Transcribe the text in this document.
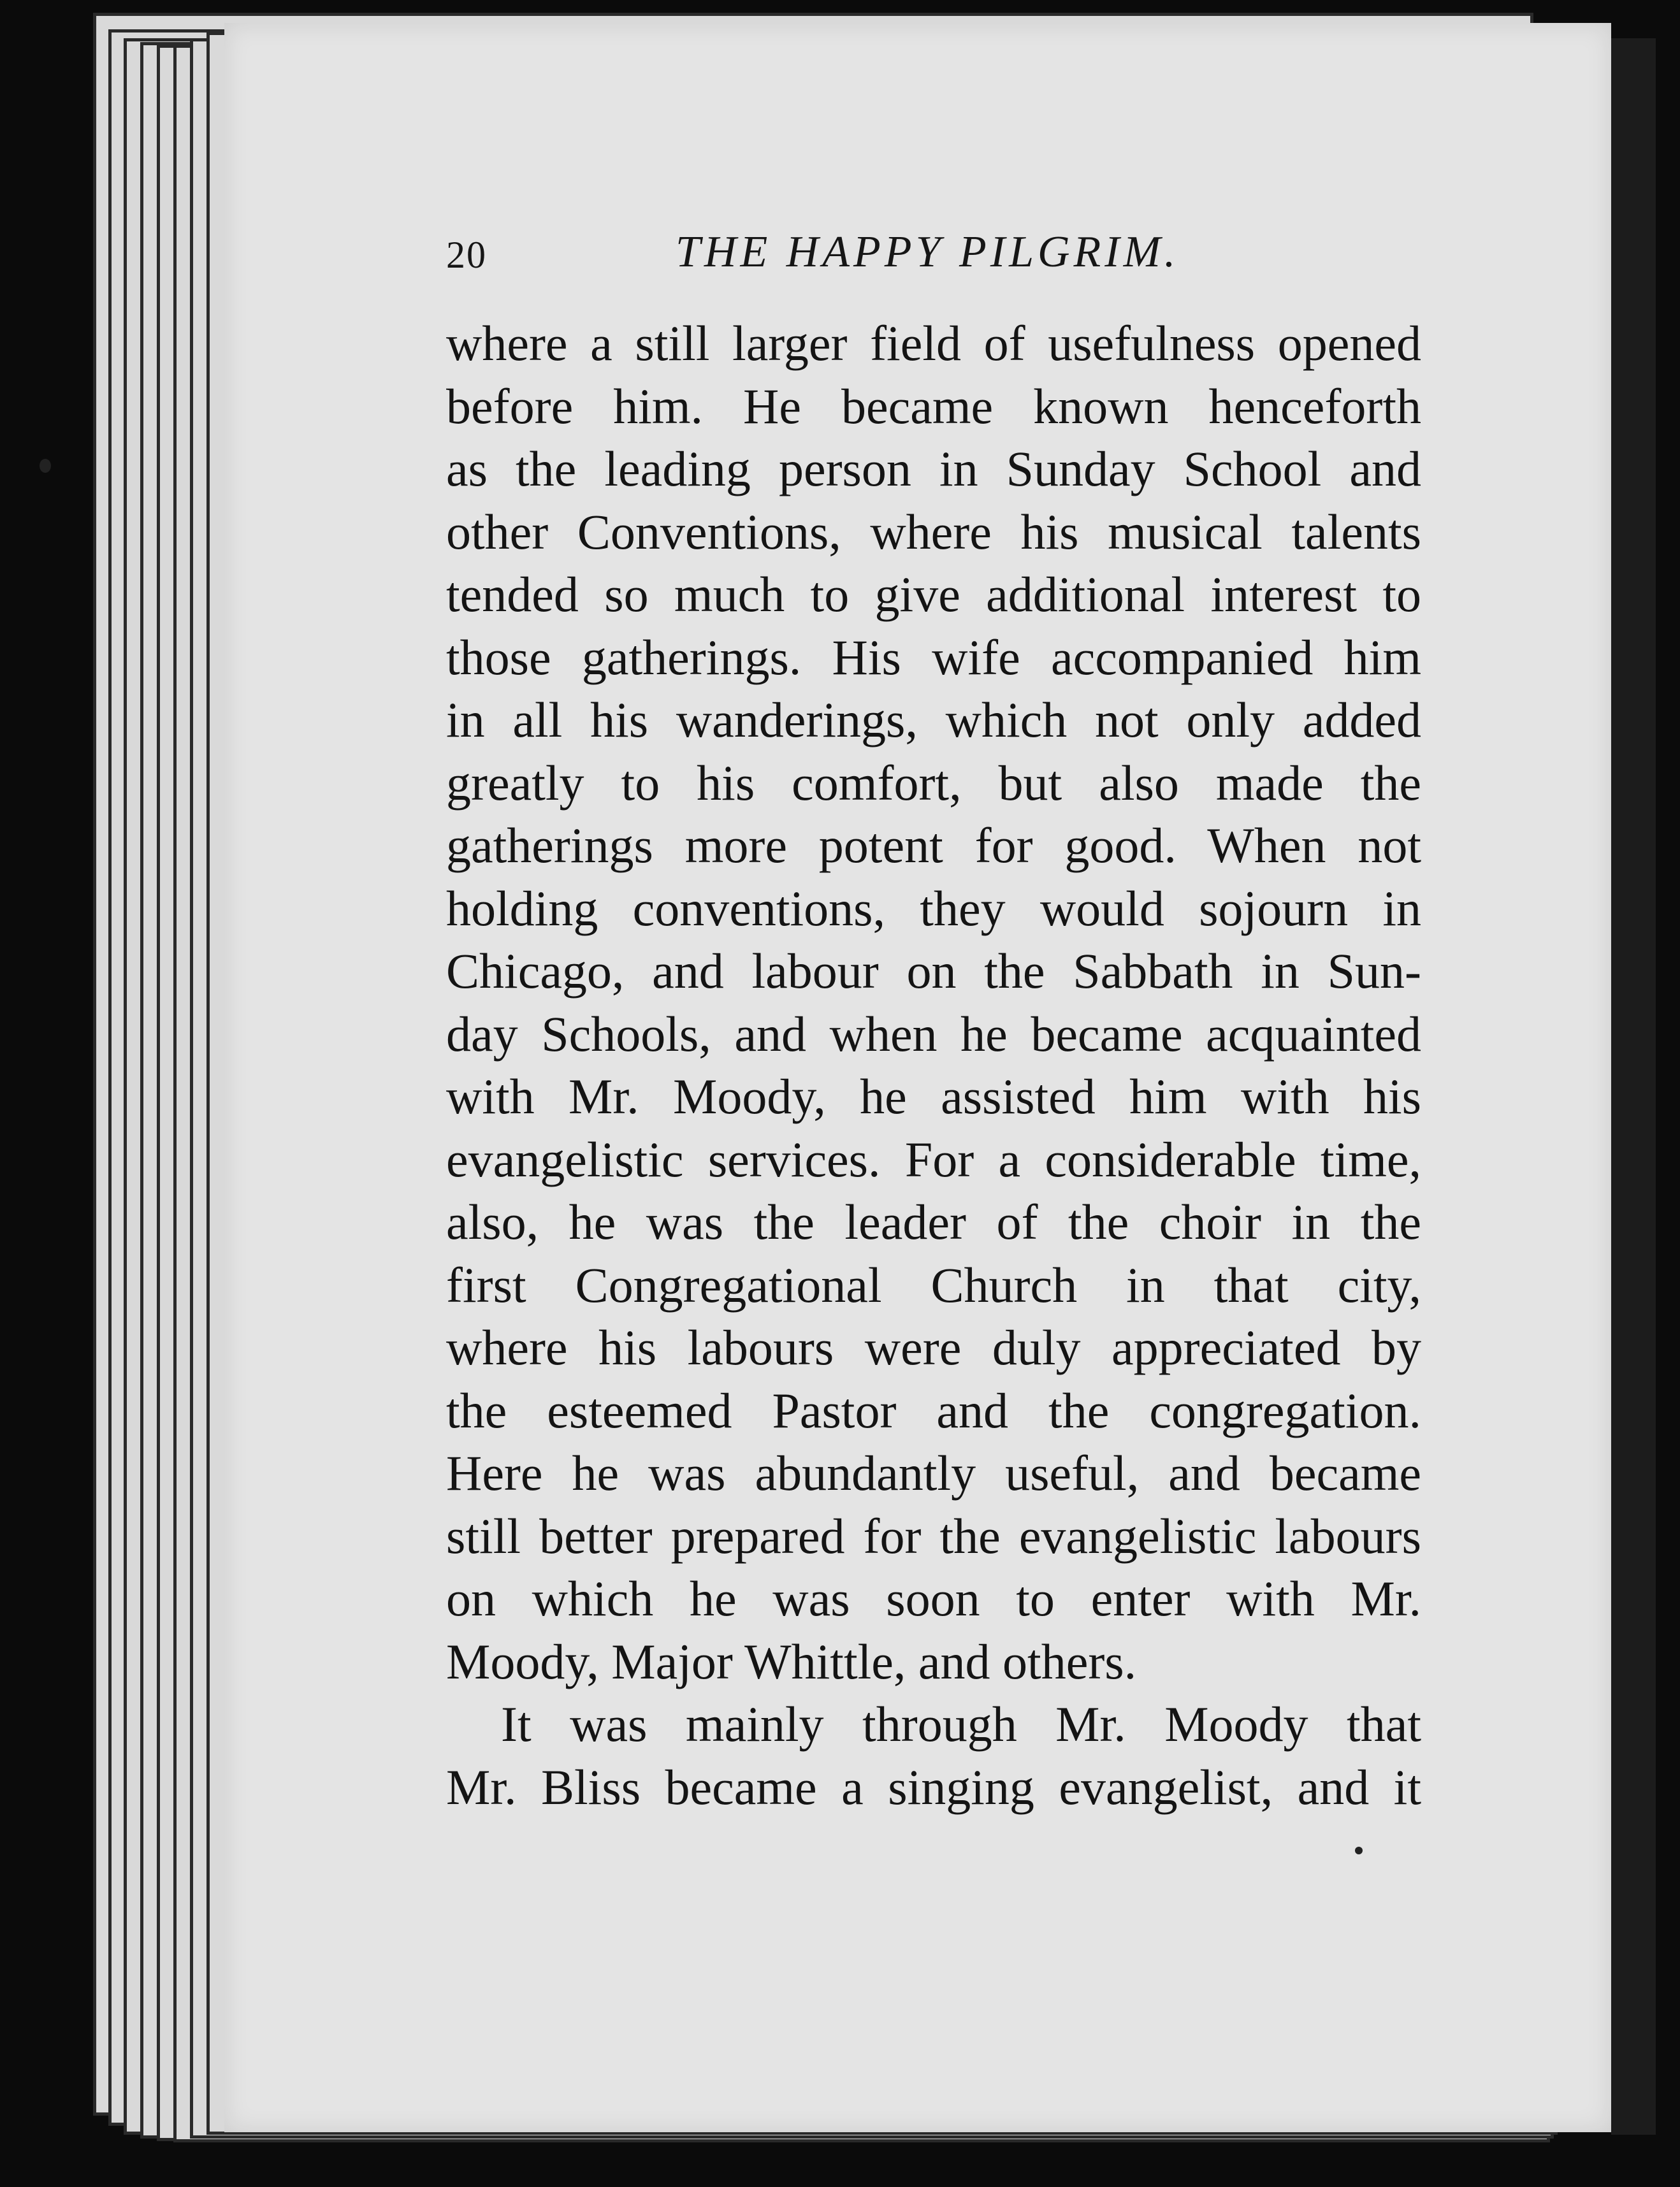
20	THE HAPPY PILGRIM.
where a still larger field of usefulness opened
before him. He became known henceforth
as the leading person in Sunday School and
other Conventions, where his musical talents
tended so much to give additional interest to
those gatherings. His wife accompanied him
in all his wanderings, which not only added
greatly to his comfort, but also made the
gatherings more potent for good. When not
holding conventions, they would sojourn in
Chicago, and labour on the Sabbath in Sun-
day Schools, and when he became acquainted
with Mr. Moody, he assisted him with his
evangelistic services. For a considerable time,
also, he was the leader of the choir in the
first Congregational Church in that city,
where his labours were duly appreciated by
the esteemed Pastor and the congregation.
Here he was abundantly useful, and became
still better prepared for the evangelistic labours
on which he was soon to enter with Mr.
Moody, Major Whittle, and others.
It was mainly through Mr. Moody that
Mr. Bliss became a singing evangelist, and it
